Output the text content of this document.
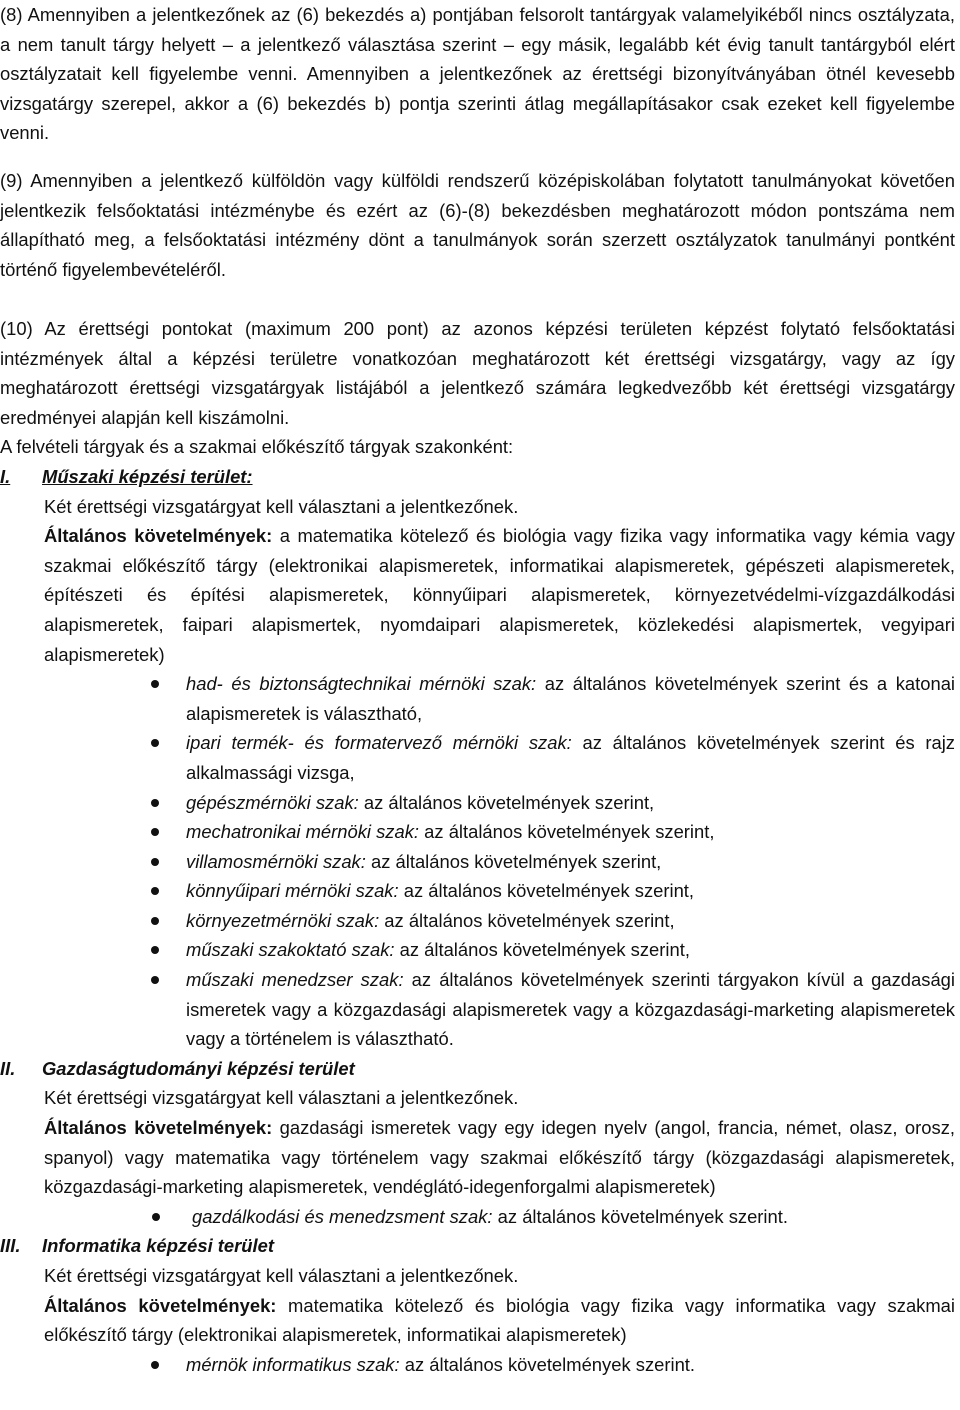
(8) Amennyiben a jelentkezőnek az (6) bekezdés a) pontjában felsorolt tantárgyak valamelyikéből nincs osztályzata, a nem tanult tárgy helyett – a jelentkező választása szerint – egy másik, legalább két évig tanult tantárgyból elért osztályzatait kell figyelembe venni. Amennyiben a jelentkezőnek az érettségi bizonyítványában ötnél kevesebb vizsgatárgy szerepel, akkor a (6) bekezdés b) pontja szerinti átlag megállapításakor csak ezeket kell figyelembe venni.

(9) Amennyiben a jelentkező külföldön vagy külföldi rendszerű középiskolában folytatott tanulmányokat követően jelentkezik felsőoktatási intézménybe és ezért az (6)-(8) bekezdésben meghatározott módon pontszáma nem állapítható meg, a felsőoktatási intézmény dönt a tanulmányok során szerzett osztályzatok tanulmányi pontként történő figyelembevételéről.

(10) Az érettségi pontokat (maximum 200 pont) az azonos képzési területen képzést folytató felsőoktatási intézmények által a képzési területre vonatkozóan meghatározott két érettségi vizsgatárgy, vagy az így meghatározott érettségi vizsgatárgyak listájából a jelentkező számára legkedvezőbb két érettségi vizsgatárgy eredményei alapján kell kiszámolni.

A felvételi tárgyak és a szakmai előkészítő tárgyak szakonként:

I. Műszaki képzési terület:

Két érettségi vizsgatárgyat kell választani a jelentkezőnek.

Általános követelmények: a matematika kötelező és biológia vagy fizika vagy informatika vagy kémia vagy szakmai előkészítő tárgy (elektronikai alapismeretek, informatikai alapismeretek, gépészeti alapismeretek, építészeti és építési alapismeretek, könnyűipari alapismeretek, környezetvédelmi-vízgazdálkodási alapismeretek, faipari alapismertek, nyomdaipari alapismeretek, közlekedési alapismertek, vegyipari alapismeretek)

had- és biztonságtechnikai mérnöki szak: az általános követelmények szerint és a katonai alapismeretek is választható,
ipari termék- és formatervező mérnöki szak: az általános követelmények szerint és rajz alkalmassági vizsga,
gépészmérnöki szak: az általános követelmények szerint,
mechatronikai mérnöki szak: az általános követelmények szerint,
villamosmérnöki szak: az általános követelmények szerint,
könnyűipari mérnöki szak: az általános követelmények szerint,
környezetmérnöki szak: az általános követelmények szerint,
műszaki szakoktató szak: az általános követelmények szerint,
műszaki menedzser szak: az általános követelmények szerinti tárgyakon kívül a gazdasági ismeretek vagy a közgazdasági alapismeretek vagy a közgazdasági-marketing alapismeretek vagy a történelem is választható.
II. Gazdaságtudományi képzési terület

Két érettségi vizsgatárgyat kell választani a jelentkezőnek.

Általános követelmények: gazdasági ismeretek vagy egy idegen nyelv (angol, francia, német, olasz, orosz, spanyol) vagy matematika vagy történelem vagy szakmai előkészítő tárgy (közgazdasági alapismeretek, közgazdasági-marketing alapismeretek, vendéglátó-idegenforgalmi alapismeretek)

gazdálkodási és menedzsment szak: az általános követelmények szerint.
III. Informatika képzési terület

Két érettségi vizsgatárgyat kell választani a jelentkezőnek.

Általános követelmények: matematika kötelező és biológia vagy fizika vagy informatika vagy szakmai előkészítő tárgy (elektronikai alapismeretek, informatikai alapismeretek)

mérnök informatikus szak: az általános követelmények szerint.
